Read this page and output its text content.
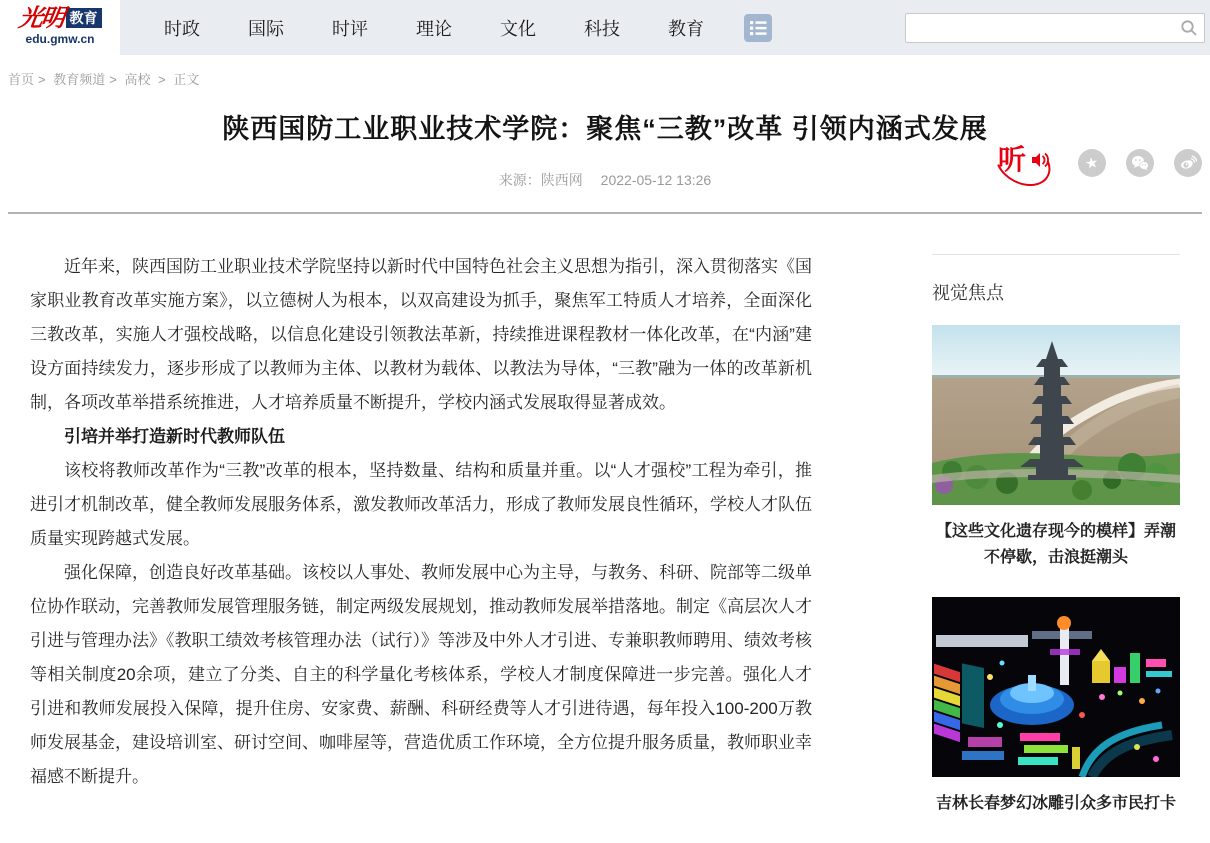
光明 教育
edu.gmw.cn
时政	国际	时评	理论	文化	科技	教育
首页 > 教育频道 > 高校 > 正文
陕西国防工业职业技术学院：聚焦“三教”改革 引领内涵式发展
来源：陕西网 2022-05-12 13:26
听	★

近年来，陕西国防工业职业技术学院坚持以新时代中国特色社会主义思想为指引，深入贯彻落实《国家职业教育改革实施方案》，以立德树人为根本，以双高建设为抓手，聚焦军工特质人才培养，全面深化三教改革，实施人才强校战略，以信息化建设引领教法革新，持续推进课程教材一体化改革，在“内涵”建设方面持续发力，逐步形成了以教师为主体、以教材为载体、以教法为导体，“三教”融为一体的改革新机制，各项改革举措系统推进，人才培养质量不断提升，学校内涵式发展取得显著成效。

引培并举打造新时代教师队伍

该校将教师改革作为“三教”改革的根本，坚持数量、结构和质量并重。以“人才强校”工程为牵引，推进引才机制改革，健全教师发展服务体系，激发教师改革活力，形成了教师发展良性循环，学校人才队伍质量实现跨越式发展。

强化保障，创造良好改革基础。该校以人事处、教师发展中心为主导，与教务、科研、院部等二级单位协作联动，完善教师发展管理服务链，制定两级发展规划，推动教师发展举措落地。制定《高层次人才引进与管理办法》《教职工绩效考核管理办法（试行）》等涉及中外人才引进、专兼职教师聘用、绩效考核等相关制度20余项，建立了分类、自主的科学量化考核体系，学校人才制度保障进一步完善。强化人才引进和教师发展投入保障，提升住房、安家费、薪酬、科研经费等人才引进待遇，每年投入100-200万教师发展基金，建设培训室、研讨空间、咖啡屋等，营造优质工作环境，全方位提升服务质量，教师职业幸福感不断提升。

视觉焦点
【这些文化遗存现今的模样】弄潮不停歇，击浪挺潮头
吉林长春梦幻冰雕引众多市民打卡
